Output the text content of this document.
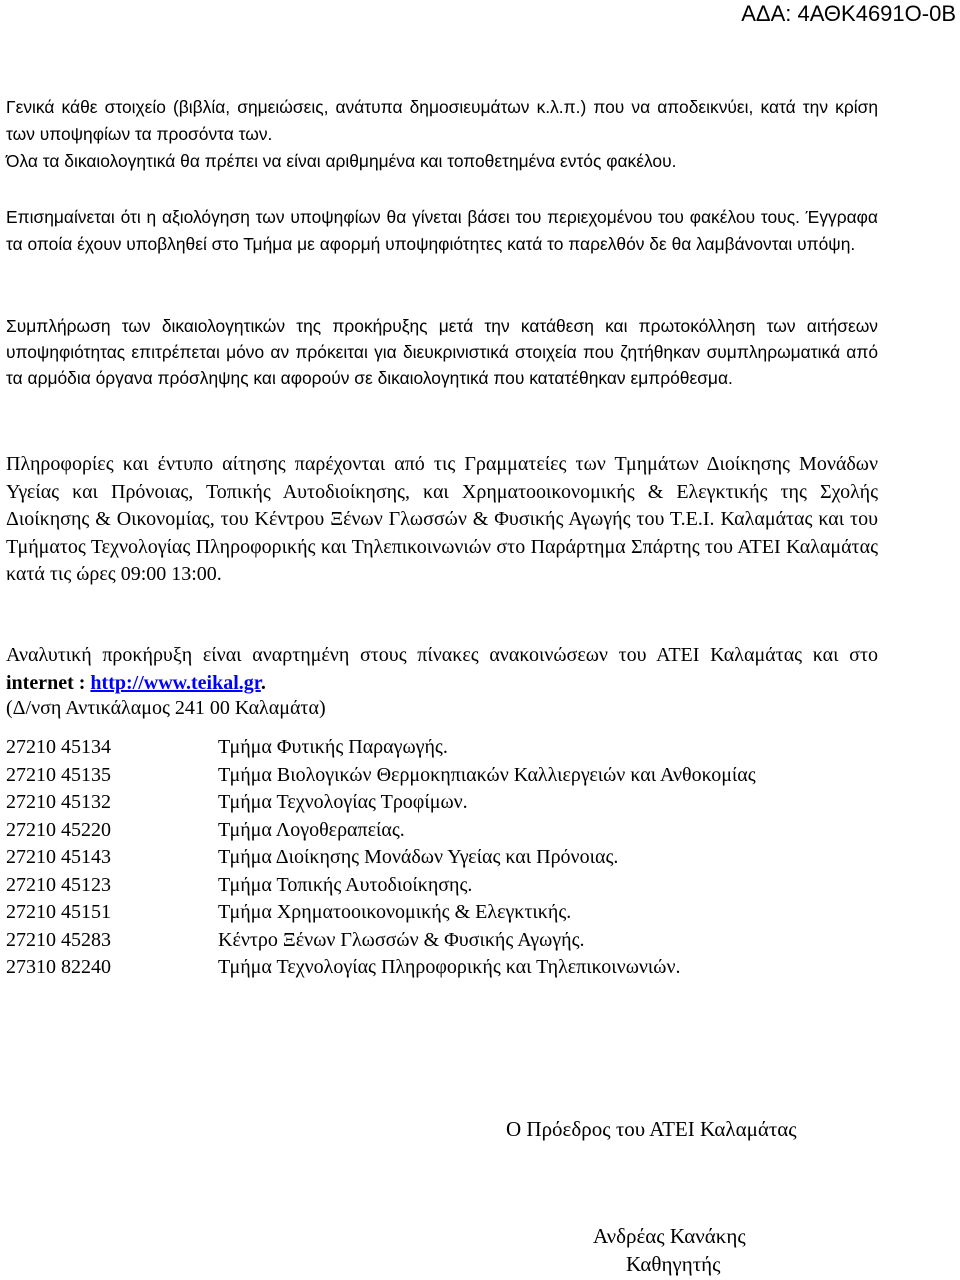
ΑΔΑ: 4ΑΘΚ4691Ο-0Β

Γενικά κάθε στοιχείο (βιβλία, σημειώσεις, ανάτυπα δημοσιευμάτων κ.λ.π.) που να αποδεικνύει, κατά την κρίση των υποψηφίων τα προσόντα των.

Όλα τα δικαιολογητικά θα πρέπει να είναι αριθμημένα και τοποθετημένα εντός φακέλου.

Επισημαίνεται ότι η αξιολόγηση των υποψηφίων θα γίνεται βάσει του περιεχομένου του φακέλου τους. Έγγραφα τα οποία έχουν υποβληθεί στο Τμήμα με αφορμή υποψηφιότητες κατά το παρελθόν δε θα λαμβάνονται υπόψη.

Συμπλήρωση των δικαιολογητικών της προκήρυξης μετά την κατάθεση και πρωτοκόλληση των αιτήσεων υποψηφιότητας επιτρέπεται μόνο αν πρόκειται για διευκρινιστικά στοιχεία που ζητήθηκαν συμπληρωματικά από τα αρμόδια όργανα πρόσληψης και αφορούν σε δικαιολογητικά που κατατέθηκαν εμπρόθεσμα.

Πληροφορίες και έντυπο αίτησης παρέχονται από τις Γραμματείες των Τμημάτων Διοίκησης Μονάδων Υγείας και Πρόνοιας, Τοπικής Αυτοδιοίκησης, και Χρηματοοικονομικής & Ελεγκτικής της Σχολής Διοίκησης & Οικονομίας, του Κέντρου Ξένων Γλωσσών & Φυσικής Αγωγής του Τ.Ε.Ι. Καλαμάτας και του Τμήματος Τεχνολογίας Πληροφορικής και Τηλεπικοινωνιών στο Παράρτημα Σπάρτης του ΑΤΕΙ Καλαμάτας κατά τις ώρες 09:00 13:00.

Αναλυτική προκήρυξη είναι αναρτημένη στους πίνακες ανακοινώσεων του ΑΤΕΙ Καλαμάτας και στο internet : http://www.teikal.gr.

(Δ/νση Αντικάλαμος 241 00 Καλαμάτα)

27210 45134	Τμήμα Φυτικής Παραγωγής.
27210 45135	Τμήμα Βιολογικών Θερμοκηπιακών Καλλιεργειών και Ανθοκομίας
27210 45132	Τμήμα Τεχνολογίας Τροφίμων.
27210 45220	Τμήμα Λογοθεραπείας.
27210 45143	Τμήμα Διοίκησης Μονάδων Υγείας και Πρόνοιας.
27210 45123	Τμήμα Τοπικής Αυτοδιοίκησης.
27210 45151	Τμήμα Χρηματοοικονομικής & Ελεγκτικής.
27210 45283	Κέντρο Ξένων Γλωσσών & Φυσικής Αγωγής.
27310 82240	Τμήμα Τεχνολογίας Πληροφορικής και Τηλεπικοινωνιών.
Ο Πρόεδρος του ΑΤΕΙ Καλαμάτας
Ανδρέας Κανάκης
Καθηγητής
